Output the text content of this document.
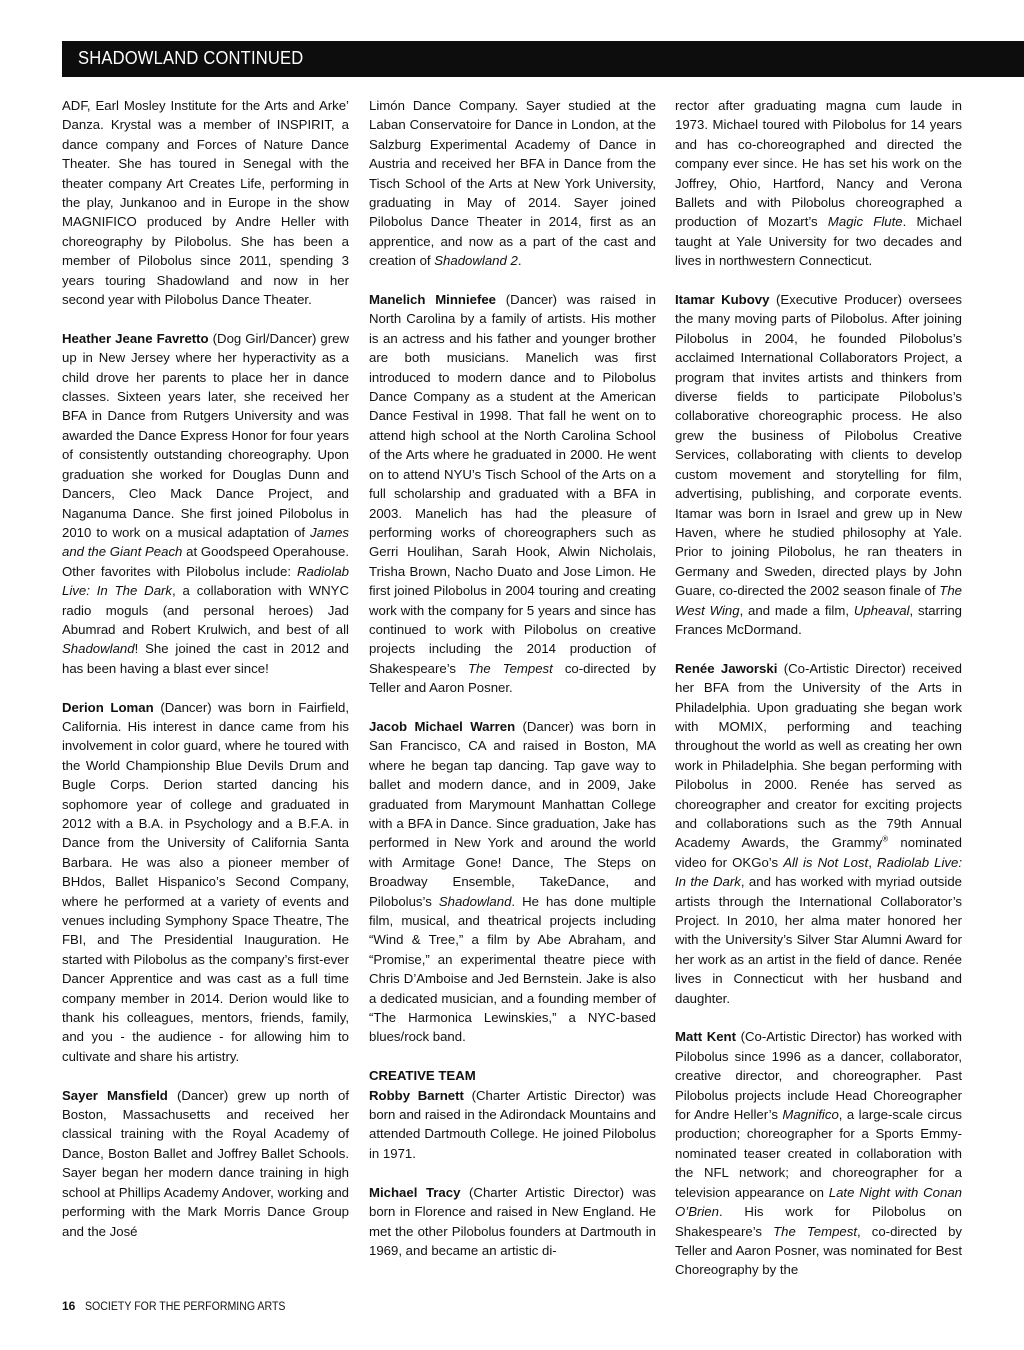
SHADOWLAND CONTINUED

ADF, Earl Mosley Institute for the Arts and Arke’ Danza. Krystal was a member of INSPIRIT, a dance company and Forces of Nature Dance Theater. She has toured in Senegal with the theater company Art Creates Life, performing in the play, Junkanoo and in Europe in the show MAGNIFICO produced by Andre Heller with choreography by Pilobolus. She has been a member of Pilobolus since 2011, spending 3 years touring Shadowland and now in her second year with Pilobolus Dance Theater.

Heather Jeane Favretto (Dog Girl/Dancer) grew up in New Jersey where her hyperactivity as a child drove her parents to place her in dance classes. Sixteen years later, she received her BFA in Dance from Rutgers University and was awarded the Dance Express Honor for four years of consistently outstanding choreography. Upon graduation she worked for Douglas Dunn and Dancers, Cleo Mack Dance Project, and Naganuma Dance. She first joined Pilobolus in 2010 to work on a musical adaptation of James and the Giant Peach at Goodspeed Operahouse. Other favorites with Pilobolus include: Radiolab Live: In The Dark, a collaboration with WNYC radio moguls (and personal heroes) Jad Abumrad and Robert Krulwich, and best of all Shadowland! She joined the cast in 2012 and has been having a blast ever since!

Derion Loman (Dancer) was born in Fairfield, California. His interest in dance came from his involvement in color guard, where he toured with the World Championship Blue Devils Drum and Bugle Corps. Derion started dancing his sophomore year of college and graduated in 2012 with a B.A. in Psychology and a B.F.A. in Dance from the University of California Santa Barbara. He was also a pioneer member of BHdos, Ballet Hispanico’s Second Company, where he performed at a variety of events and venues including Symphony Space Theatre, The FBI, and The Presidential Inauguration. He started with Pilobolus as the company’s first-ever Dancer Apprentice and was cast as a full time company member in 2014. Derion would like to thank his colleagues, mentors, friends, family, and you - the audience - for allowing him to cultivate and share his artistry.

Sayer Mansfield (Dancer) grew up north of Boston, Massachusetts and received her classical training with the Royal Academy of Dance, Boston Ballet and Joffrey Ballet Schools. Sayer began her modern dance training in high school at Phillips Academy Andover, working and performing with the Mark Morris Dance Group and the José

Limón Dance Company. Sayer studied at the Laban Conservatoire for Dance in London, at the Salzburg Experimental Academy of Dance in Austria and received her BFA in Dance from the Tisch School of the Arts at New York University, graduating in May of 2014. Sayer joined Pilobolus Dance Theater in 2014, first as an apprentice, and now as a part of the cast and creation of Shadowland 2.

Manelich Minniefee (Dancer) was raised in North Carolina by a family of artists. His mother is an actress and his father and younger brother are both musicians. Manelich was first introduced to modern dance and to Pilobolus Dance Company as a student at the American Dance Festival in 1998. That fall he went on to attend high school at the North Carolina School of the Arts where he graduated in 2000. He went on to attend NYU’s Tisch School of the Arts on a full scholarship and graduated with a BFA in 2003. Manelich has had the pleasure of performing works of choreographers such as Gerri Houlihan, Sarah Hook, Alwin Nicholais, Trisha Brown, Nacho Duato and Jose Limon. He first joined Pilobolus in 2004 touring and creating work with the company for 5 years and since has continued to work with Pilobolus on creative projects including the 2014 production of Shakespeare’s The Tempest co-directed by Teller and Aaron Posner.

Jacob Michael Warren (Dancer) was born in San Francisco, CA and raised in Boston, MA where he began tap dancing. Tap gave way to ballet and modern dance, and in 2009, Jake graduated from Marymount Manhattan College with a BFA in Dance. Since graduation, Jake has performed in New York and around the world with Armitage Gone! Dance, The Steps on Broadway Ensemble, TakeDance, and Pilobolus’s Shadowland. He has done multiple film, musical, and theatrical projects including “Wind & Tree,” a film by Abe Abraham, and “Promise,” an experimental theatre piece with Chris D’Amboise and Jed Bernstein. Jake is also a dedicated musician, and a founding member of “The Harmonica Lewinskies,” a NYC-based blues/rock band.

CREATIVE TEAM
Robby Barnett (Charter Artistic Director) was born and raised in the Adirondack Mountains and attended Dartmouth College. He joined Pilobolus in 1971.

Michael Tracy (Charter Artistic Director) was born in Florence and raised in New England. He met the other Pilobolus founders at Dartmouth in 1969, and became an artistic di-

rector after graduating magna cum laude in 1973. Michael toured with Pilobolus for 14 years and has co-choreographed and directed the company ever since. He has set his work on the Joffrey, Ohio, Hartford, Nancy and Verona Ballets and with Pilobolus choreographed a production of Mozart’s Magic Flute. Michael taught at Yale University for two decades and lives in northwestern Connecticut.

Itamar Kubovy (Executive Producer) oversees the many moving parts of Pilobolus. After joining Pilobolus in 2004, he founded Pilobolus’s acclaimed International Collaborators Project, a program that invites artists and thinkers from diverse fields to participate Pilobolus’s collaborative choreographic process. He also grew the business of Pilobolus Creative Services, collaborating with clients to develop custom movement and storytelling for film, advertising, publishing, and corporate events. Itamar was born in Israel and grew up in New Haven, where he studied philosophy at Yale. Prior to joining Pilobolus, he ran theaters in Germany and Sweden, directed plays by John Guare, co-directed the 2002 season finale of The West Wing, and made a film, Upheaval, starring Frances McDormand.

Renée Jaworski (Co-Artistic Director) received her BFA from the University of the Arts in Philadelphia. Upon graduating she began work with MOMIX, performing and teaching throughout the world as well as creating her own work in Philadelphia. She began performing with Pilobolus in 2000. Renée has served as choreographer and creator for exciting projects and collaborations such as the 79th Annual Academy Awards, the Grammy® nominated video for OKGo’s All is Not Lost, Radiolab Live: In the Dark, and has worked with myriad outside artists through the International Collaborator’s Project. In 2010, her alma mater honored her with the University’s Silver Star Alumni Award for her work as an artist in the field of dance. Renée lives in Connecticut with her husband and daughter.

Matt Kent (Co-Artistic Director) has worked with Pilobolus since 1996 as a dancer, collaborator, creative director, and choreographer. Past Pilobolus projects include Head Choreographer for Andre Heller’s Magnifico, a large-scale circus production; choreographer for a Sports Emmy-nominated teaser created in collaboration with the NFL network; and choreographer for a television appearance on Late Night with Conan O’Brien. His work for Pilobolus on Shakespeare’s The Tempest, co-directed by Teller and Aaron Posner, was nominated for Best Choreography by the

16 SOCIETY FOR THE PERFORMING ARTS
